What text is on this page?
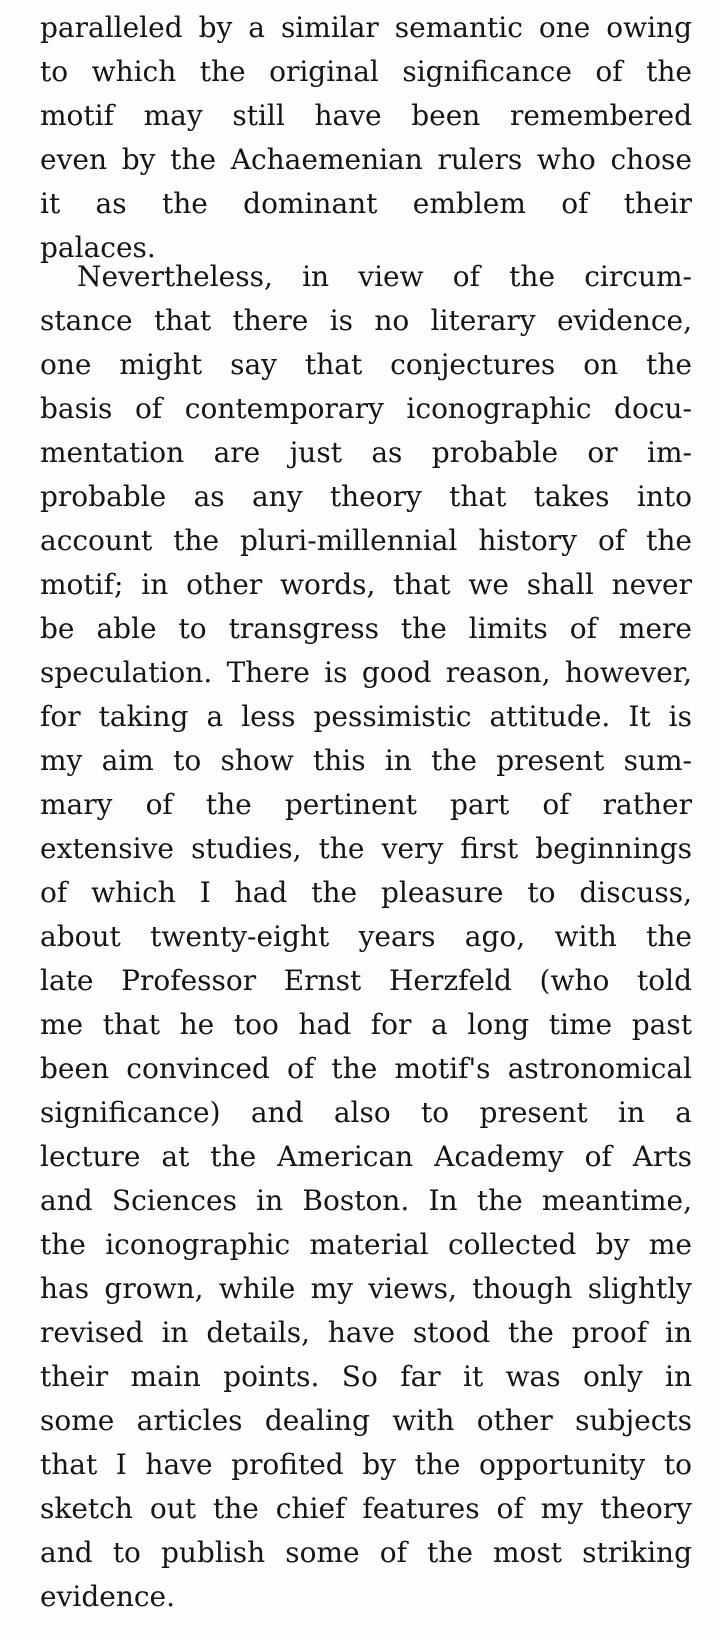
paralleled by a similar semantic one owing
to which the original significance of the
motif may still have been remembered
even by the Achaemenian rulers who chose
it as the dominant emblem of their
palaces.
Nevertheless, in view of the circum-
stance that there is no literary evidence,
one might say that conjectures on the
basis of contemporary iconographic docu-
mentation are just as probable or im-
probable as any theory that takes into
account the pluri-millennial history of the
motif; in other words, that we shall never
be able to transgress the limits of mere
speculation. There is good reason, however,
for taking a less pessimistic attitude. It is
my aim to show this in the present sum-
mary of the pertinent part of rather
extensive studies, the very first beginnings
of which I had the pleasure to discuss,
about twenty-eight years ago, with the
late Professor Ernst Herzfeld (who told
me that he too had for a long time past
been convinced of the motif's astronomical
significance) and also to present in a
lecture at the American Academy of Arts
and Sciences in Boston. In the meantime,
the iconographic material collected by me
has grown, while my views, though slightly
revised in details, have stood the proof in
their main points. So far it was only in
some articles dealing with other subjects
that I have profited by the opportunity to
sketch out the chief features of my theory
and to publish some of the most striking
evidence.
